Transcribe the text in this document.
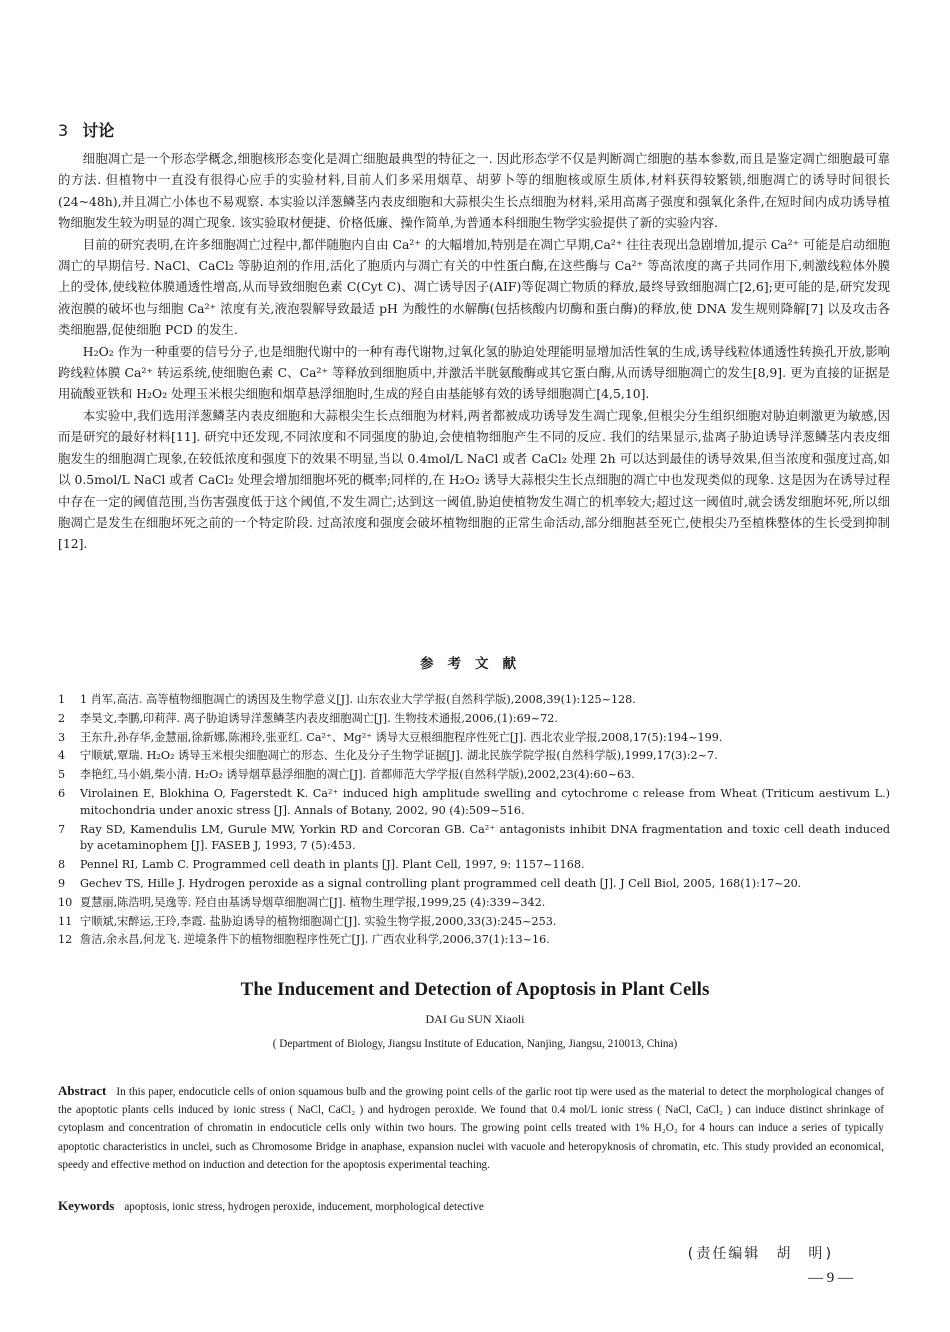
3 讨论

细胞凋亡是一个形态学概念,细胞核形态变化是凋亡细胞最典型的特征之一. 因此形态学不仅是判断凋亡细胞的基本参数,而且是鉴定凋亡细胞最可靠的方法. 但植物中一直没有很得心应手的实验材料,目前人们多采用烟草、胡萝卜等的细胞核或原生质体,材料获得较繁锁,细胞凋亡的诱导时间很长(24~48h),并且凋亡小体也不易观察. 本实验以洋葱鳞茎内表皮细胞和大蒜根尖生长点细胞为材料,采用高离子强度和强氧化条件,在短时间内成功诱导植物细胞发生较为明显的凋亡现象. 该实验取材便捷、价格低廉、操作简单,为普通本科细胞生物学实验提供了新的实验内容.

目前的研究表明,在许多细胞凋亡过程中,都伴随胞内自由 Ca²⁺ 的大幅增加,特别是在凋亡早期,Ca²⁺ 往往表现出急剧增加,提示 Ca²⁺ 可能是启动细胞凋亡的早期信号. NaCl、CaCl₂ 等胁迫剂的作用,活化了胞质内与凋亡有关的中性蛋白酶,在这些酶与 Ca²⁺ 等高浓度的离子共同作用下,刺激线粒体外膜上的受体,使线粒体膜通透性增高,从而导致细胞色素 C(Cyt C)、凋亡诱导因子(AIF)等促凋亡物质的释放,最终导致细胞凋亡[2,6];更可能的是,研究发现液泡膜的破坏也与细胞 Ca²⁺ 浓度有关,液泡裂解导致最适 pH 为酸性的水解酶(包括核酸内切酶和蛋白酶)的释放,使 DNA 发生规则降解[7] 以及攻击各类细胞器,促使细胞 PCD 的发生.

H₂O₂ 作为一种重要的信号分子,也是细胞代谢中的一种有毒代谢物,过氧化氢的胁迫处理能明显增加活性氧的生成,诱导线粒体通透性转换孔开放,影响跨线粒体膜 Ca²⁺ 转运系统,使细胞色素 C、Ca²⁺ 等释放到细胞质中,并激活半胱氨酸酶或其它蛋白酶,从而诱导细胞凋亡的发生[8,9]. 更为直接的证据是用硫酸亚铁和 H₂O₂ 处理玉米根尖细胞和烟草悬浮细胞时,生成的羟自由基能够有效的诱导细胞凋亡[4,5,10].

本实验中,我们选用洋葱鳞茎内表皮细胞和大蒜根尖生长点细胞为材料,两者都被成功诱导发生凋亡现象,但根尖分生组织细胞对胁迫刺激更为敏感,因而是研究的最好材料[11]. 研究中还发现,不同浓度和不同强度的胁迫,会使植物细胞产生不同的反应. 我们的结果显示,盐离子胁迫诱导洋葱鳞茎内表皮细胞发生的细胞凋亡现象,在较低浓度和强度下的效果不明显,当以 0.4mol/L NaCl 或者 CaCl₂ 处理 2h 可以达到最佳的诱导效果,但当浓度和强度过高,如以 0.5mol/L NaCl 或者 CaCl₂ 处理会增加细胞坏死的概率;同样的,在 H₂O₂ 诱导大蒜根尖生长点细胞的凋亡中也发现类似的现象. 这是因为在诱导过程中存在一定的阈值范围,当伤害强度低于这个阈值,不发生凋亡;达到这一阈值,胁迫使植物发生凋亡的机率较大;超过这一阈值时,就会诱发细胞坏死,所以细胞凋亡是发生在细胞坏死之前的一个特定阶段. 过高浓度和强度会破坏植物细胞的正常生命活动,部分细胞甚至死亡,使根尖乃至植株整体的生长受到抑制[12].

参考文献
1	1 肖军,高洁. 高等植物细胞凋亡的诱因及生物学意义[J]. 山东农业大学学报(自然科学版),2008,39(1):125~128.
2	李昊文,李鹏,印莉萍. 离子胁迫诱导洋葱鳞茎内表皮细胞凋亡[J]. 生物技术通报,2006,(1):69~72.
3	王东升,孙存华,金慧丽,徐新娜,陈湘玲,张亚红. Ca²⁺、Mg²⁺ 诱导大豆根细胞程序性死亡[J]. 西北农业学报,2008,17(5):194~199.
4	宁顺斌,覃瑞. H₂O₂ 诱导玉米根尖细胞凋亡的形态、生化及分子生物学证据[J]. 湖北民族学院学报(自然科学版),1999,17(3):2~7.
5	李艳红,马小娟,柴小清. H₂O₂ 诱导烟草悬浮细胞的凋亡[J]. 首都师范大学学报(自然科学版),2002,23(4):60~63.
6	Virolainen E, Blokhina O, Fagerstedt K. Ca²⁺ induced high amplitude swelling and cytochrome c release from Wheat (Triticum aestivum L.) mitochondria under anoxic stress [J]. Annals of Botany, 2002, 90 (4):509~516.
7	Ray SD, Kamendulis LM, Gurule MW, Yorkin RD and Corcoran GB. Ca²⁺ antagonists inhibit DNA fragmentation and toxic cell death induced by acetaminophem [J]. FASEB J, 1993, 7 (5):453.
8	Pennel RI, Lamb C. Programmed cell death in plants [J]. Plant Cell, 1997, 9: 1157~1168.
9	Gechev TS, Hille J. Hydrogen peroxide as a signal controlling plant programmed cell death [J]. J Cell Biol, 2005, 168(1):17~20.
10 夏慧丽,陈浩明,吴逸等. 羟自由基诱导烟草细胞凋亡[J]. 植物生理学报,1999,25 (4):339~342.
11 宁顺斌,宋醉运,王玲,李霞. 盐胁迫诱导的植物细胞凋亡[J]. 实验生物学报,2000,33(3):245~253.
12 詹洁,余永昌,何龙飞. 逆境条件下的植物细胞程序性死亡[J]. 广西农业科学,2006,37(1):13~16.
The Inducement and Detection of Apoptosis in Plant Cells
DAI Gu SUN Xiaoli
( Department of Biology, Jiangsu Institute of Education, Nanjing, Jiangsu, 210013, China)
Abstract In this paper, endocuticle cells of onion squamous bulb and the growing point cells of the garlic root tip were used as the material to detect the morphological changes of the apoptotic plants cells induced by ionic stress ( NaCl, CaCl₂ ) and hydrogen peroxide. We found that 0.4 mol/L ionic stress ( NaCl, CaCl₂ ) can induce distinct shrinkage of cytoplasm and concentration of chromatin in endocuticle cells only within two hours. The growing point cells treated with 1% H₂O₂ for 4 hours can induce a series of typically apoptotic characteristics in unclei, such as Chromosome Bridge in anaphase, expansion nuclei with vacuole and heteropyknosis of chromatin, etc. This study provided an economical, speedy and effective method on induction and detection for the apoptosis experimental teaching.
Keywords apoptosis, ionic stress, hydrogen peroxide, inducement, morphological detective
(责任编辑　胡　明)
— 9 —
